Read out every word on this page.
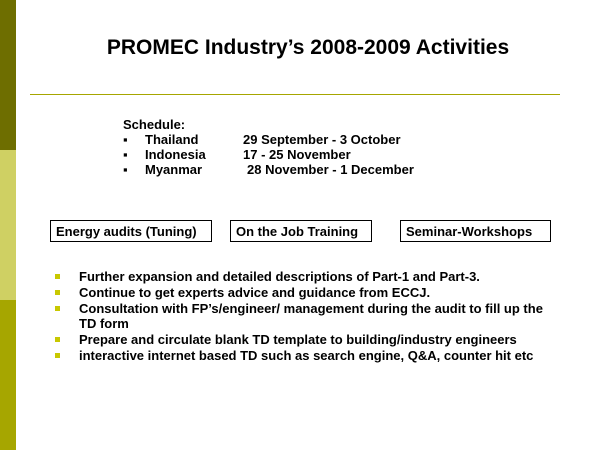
PROMEC Industry’s 2008-2009 Activities
Schedule:
▪ Thailand	29 September - 3 October
▪ Indonesia	17 - 25 November
▪ Myanmar	28 November - 1 December
Energy audits (Tuning)	On the Job Training	Seminar-Workshops
Further expansion and detailed descriptions of Part-1 and Part-3.
Continue to get experts advice and guidance from ECCJ.
Consultation with FP’s/engineer/ management during the audit to fill up the TD form
Prepare and circulate blank TD template to building/industry engineers
interactive internet based TD such as search engine, Q&A, counter hit etc
